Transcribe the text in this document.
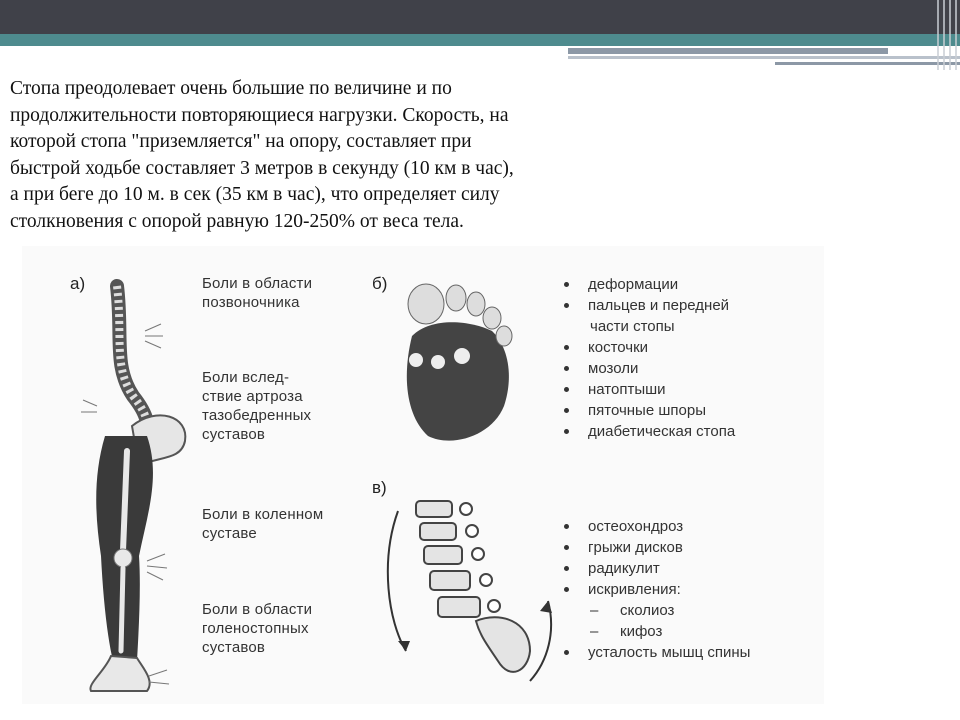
Стопа преодолевает очень большие по величине и по
продолжительности повторяющиеся нагрузки. Скорость, на
которой стопа "приземляется" на опору, составляет при
быстрой ходьбе составляет 3 метров в секунду (10 км в час),
а при беге до 10 м. в сек (35 км в час), что определяет силу
столкновения с опорой равную 120-250% от веса тела.
а)	Боли в области
позвоночника
Боли вслед-
ствие артроза
тазобедренных
суставов
Боли в коленном
суставе
Боли в области
голеностопных
суставов
б)	деформации
пальцев и передней
части стопы
косточки
мозоли
натоптыши
пяточные шпоры
диабетическая стопа
в)
остеохондроз
грыжи дисков
радикулит
искривления:
– сколиоз
– кифоз
усталость мышц спины
